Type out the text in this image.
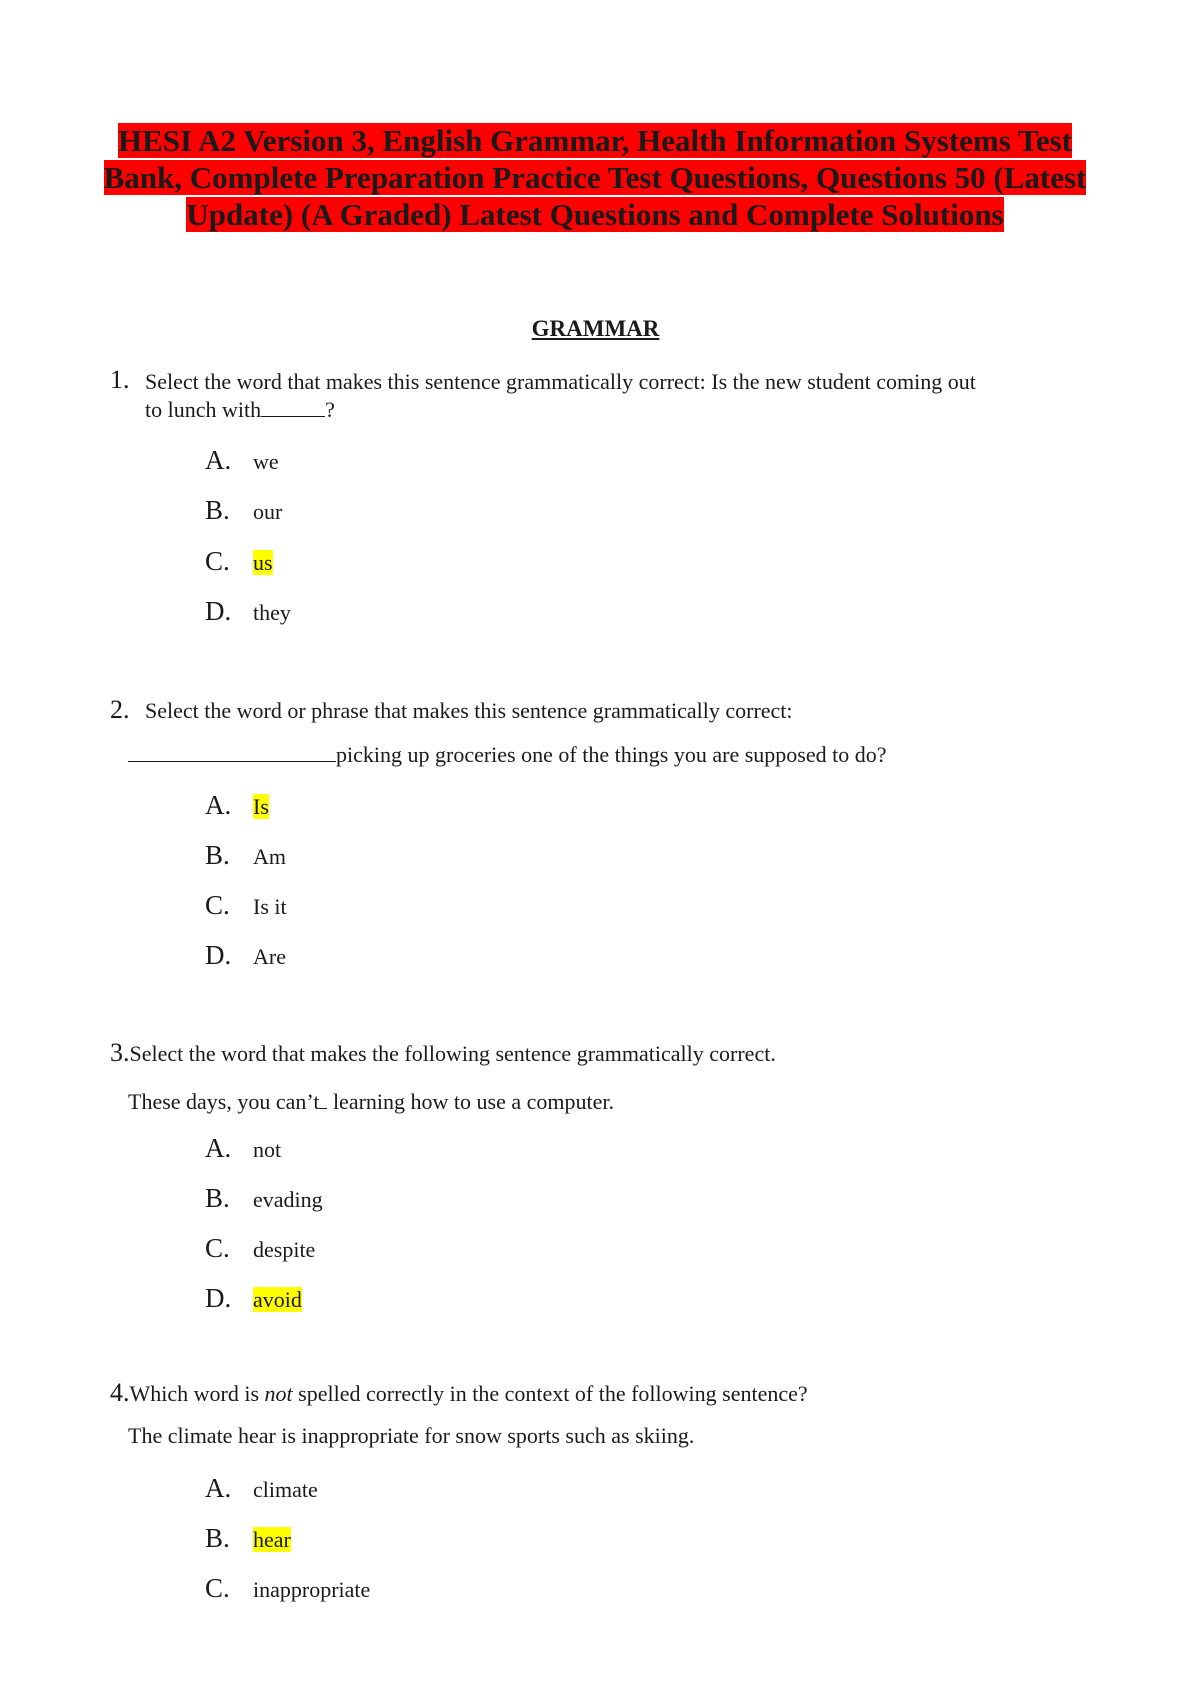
HESI A2 Version 3, English Grammar, Health Information Systems Test Bank, Complete Preparation Practice Test Questions, Questions 50 (Latest Update) (A Graded) Latest Questions and Complete Solutions
GRAMMAR
1. Select the word that makes this sentence grammatically correct: Is the new student coming out
to lunch with	?
A. we
B. our
C. us
D. they
2. Select the word or phrase that makes this sentence grammatically correct:
picking up groceries one of the things you are supposed to do?
A. Is
B. Am
C. Is it
D. Are
3.Select the word that makes the following sentence grammatically correct.
These days, you can’t learning how to use a computer.
A. not
B. evading
C. despite
D. avoid
4.Which word is not spelled correctly in the context of the following sentence?
The climate hear is inappropriate for snow sports such as skiing.
A. climate
B. hear
C. inappropriate
